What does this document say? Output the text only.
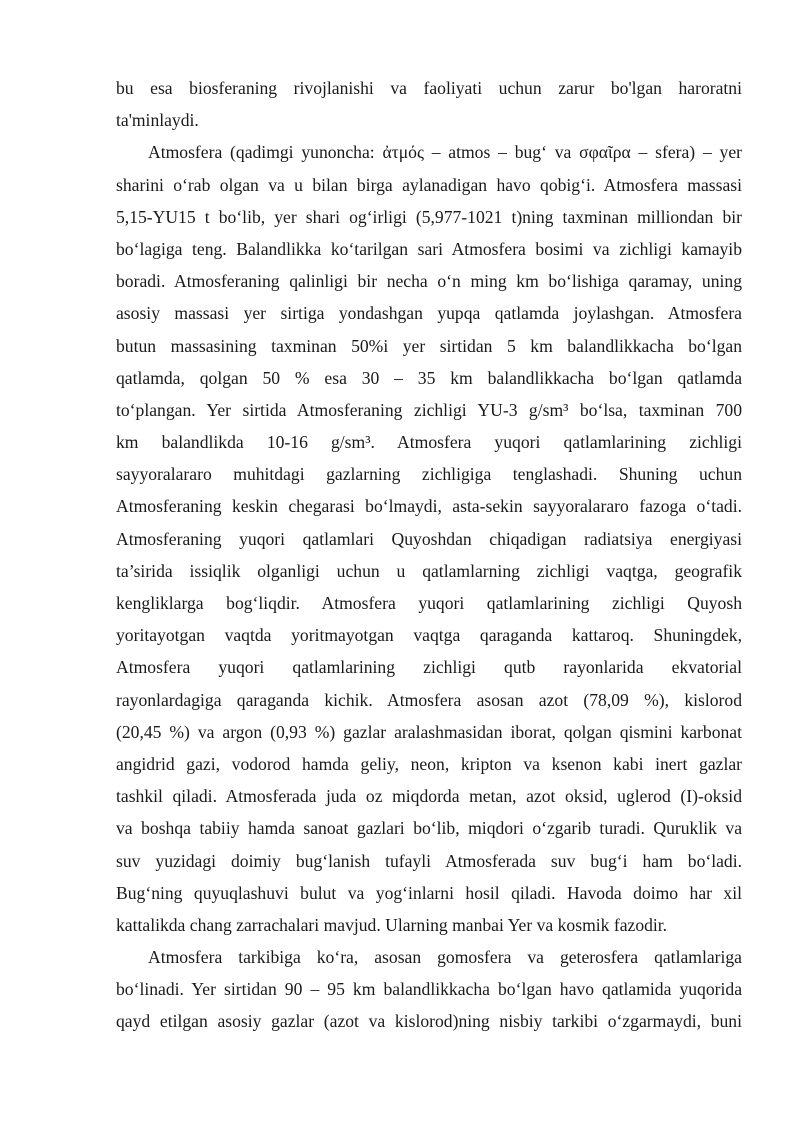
bu esa biosferaning rivojlanishi va faoliyati uchun zarur bo'lgan haroratni
ta'minlaydi.
Atmosfera (qadimgi yunoncha: ἀτμός – atmos – bug‘ va σφαῖρα – sfera) – yer
sharini o‘rab olgan va u bilan birga aylanadigan havo qobig‘i. Atmosfera massasi
5,15-YU15 t bo‘lib, yer shari og‘irligi (5,977-1021 t)ning taxminan milliondan bir
bo‘lagiga teng. Balandlikka ko‘tarilgan sari Atmosfera bosimi va zichligi kamayib
boradi. Atmosferaning qalinligi bir necha o‘n ming km bo‘lishiga qaramay, uning
asosiy massasi yer sirtiga yondashgan yupqa qatlamda joylashgan. Atmosfera
butun massasining taxminan 50%i yer sirtidan 5 km balandlikkacha bo‘lgan
qatlamda, qolgan 50 % esa 30 – 35 km balandlikkacha bo‘lgan qatlamda
to‘plangan. Yer sirtida Atmosferaning zichligi YU-3 g/sm³ bo‘lsa, taxminan 700
km balandlikda 10-16 g/sm³. Atmosfera yuqori qatlamlarining zichligi
sayyoralararo muhitdagi gazlarning zichligiga tenglashadi. Shuning uchun
Atmosferaning keskin chegarasi bo‘lmaydi, asta-sekin sayyoralararo fazoga o‘tadi.
Atmosferaning yuqori qatlamlari Quyoshdan chiqadigan radiatsiya energiyasi
ta’sirida issiqlik olganligi uchun u qatlamlarning zichligi vaqtga, geografik
kengliklarga bog‘liqdir. Atmosfera yuqori qatlamlarining zichligi Quyosh
yoritayotgan vaqtda yoritmayotgan vaqtga qaraganda kattaroq. Shuningdek,
Atmosfera yuqori qatlamlarining zichligi qutb rayonlarida ekvatorial
rayonlardagiga qaraganda kichik. Atmosfera asosan azot (78,09 %), kislorod
(20,45 %) va argon (0,93 %) gazlar aralashmasidan iborat, qolgan qismini karbonat
angidrid gazi, vodorod hamda geliy, neon, kripton va ksenon kabi inert gazlar
tashkil qiladi. Atmosferada juda oz miqdorda metan, azot oksid, uglerod (I)-oksid
va boshqa tabiiy hamda sanoat gazlari bo‘lib, miqdori o‘zgarib turadi. Quruklik va
suv yuzidagi doimiy bug‘lanish tufayli Atmosferada suv bug‘i ham bo‘ladi.
Bug‘ning quyuqlashuvi bulut va yog‘inlarni hosil qiladi. Havoda doimo har xil
kattalikda chang zarrachalari mavjud. Ularning manbai Yer va kosmik fazodir.
Atmosfera tarkibiga ko‘ra, asosan gomosfera va geterosfera qatlamlariga
bo‘linadi. Yer sirtidan 90 – 95 km balandlikkacha bo‘lgan havo qatlamida yuqorida
qayd etilgan asosiy gazlar (azot va kislorod)ning nisbiy tarkibi o‘zgarmaydi, buni
